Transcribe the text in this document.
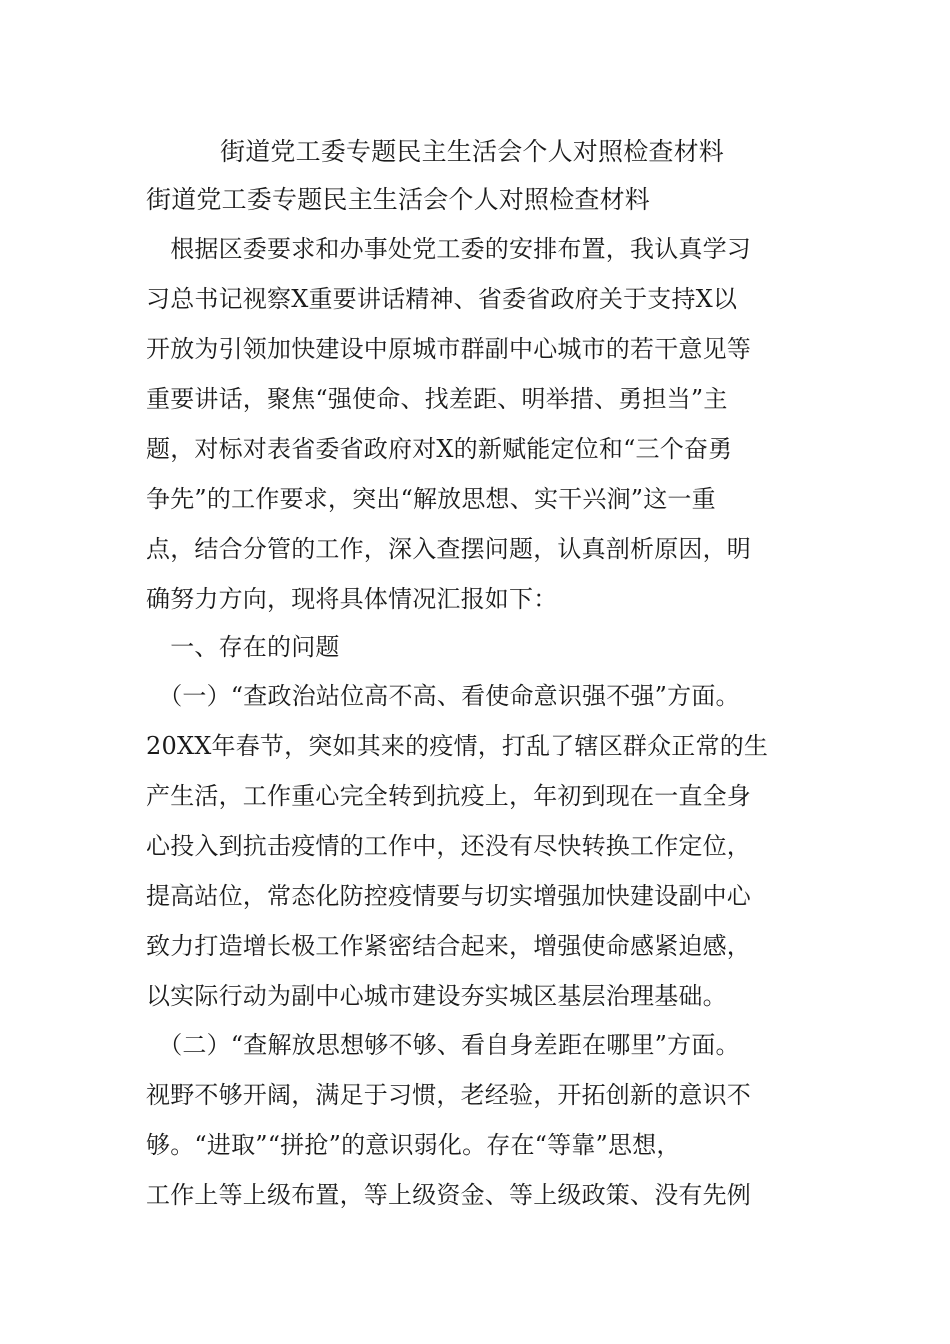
街道党工委专题民主生活会个人对照检查材料

街道党工委专题民主生活会个人对照检查材料

　根据区委要求和办事处党工委的安排布置，我认真学习

习总书记视察X重要讲话精神、省委省政府关于支持X以

开放为引领加快建设中原城市群副中心城市的若干意见等

重要讲话，聚焦“强使命、找差距、明举措、勇担当”主

题，对标对表省委省政府对X的新赋能定位和“三个奋勇

争先”的工作要求，突出“解放思想、实干兴涧”这一重

点，结合分管的工作，深入查摆问题，认真剖析原因，明

确努力方向，现将具体情况汇报如下：

　一、存在的问题

　（一）“查政治站位高不高、看使命意识强不强”方面。

20XX年春节，突如其来的疫情，打乱了辖区群众正常的生

产生活，工作重心完全转到抗疫上，年初到现在一直全身

心投入到抗击疫情的工作中，还没有尽快转换工作定位，

提高站位，常态化防控疫情要与切实增强加快建设副中心

致力打造增长极工作紧密结合起来，增强使命感紧迫感，

以实际行动为副中心城市建设夯实城区基层治理基础。

　（二）“查解放思想够不够、看自身差距在哪里”方面。

视野不够开阔，满足于习惯，老经验，开拓创新的意识不

够。“进取”“拼抢”的意识弱化。存在“等靠”思想，

工作上等上级布置，等上级资金、等上级政策、没有先例
